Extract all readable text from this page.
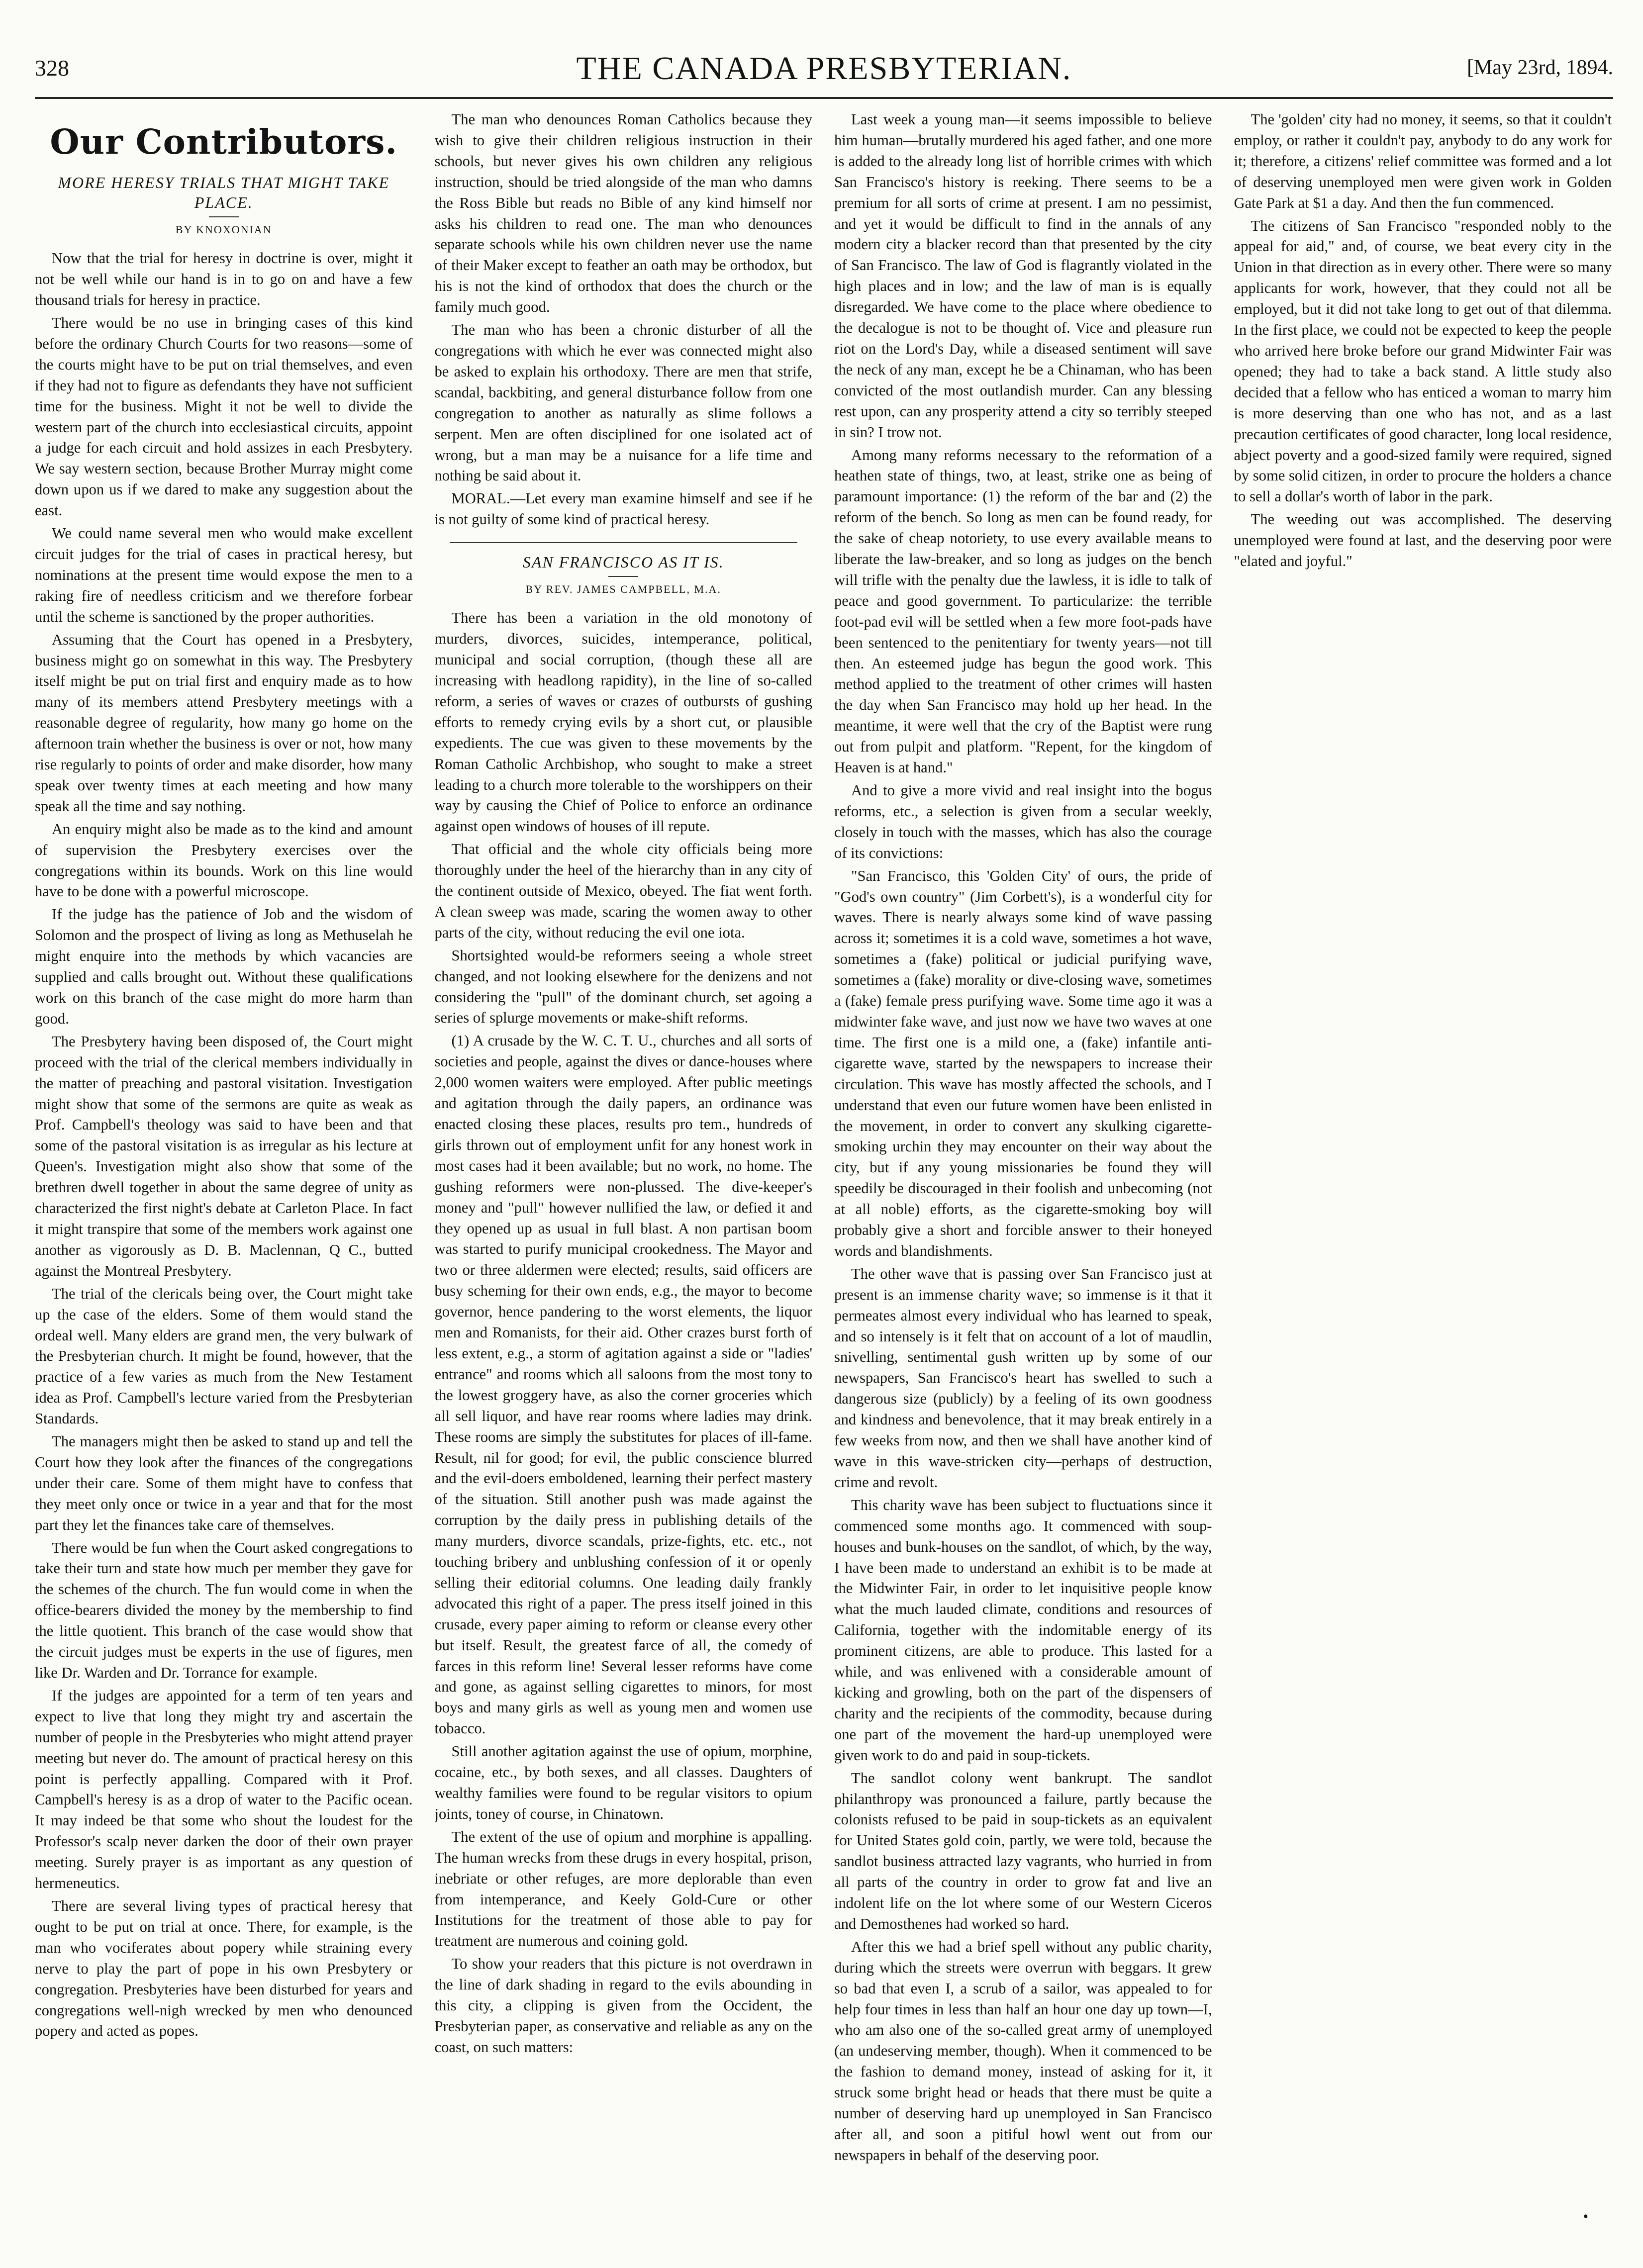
328	THE CANADA PRESBYTERIAN.	[May 23rd, 1894.
Our Contributors.
MORE HERESY TRIALS THAT MIGHT TAKE PLACE.
BY KNOXONIAN

Now that the trial for heresy in doctrine is over, might it not be well while our hand is in to go on and have a few thousand trials for heresy in practice.

There would be no use in bringing cases of this kind before the ordinary Church Courts for two reasons—some of the courts might have to be put on trial themselves, and even if they had not to figure as defendants they have not sufficient time for the business. Might it not be well to divide the western part of the church into ecclesiastical circuits, appoint a judge for each circuit and hold assizes in each Presbytery. We say western section, because Brother Murray might come down upon us if we dared to make any suggestion about the east.

We could name several men who would make excellent circuit judges for the trial of cases in practical heresy, but nominations at the present time would expose the men to a raking fire of needless criticism and we therefore forbear until the scheme is sanctioned by the proper authorities.

Assuming that the Court has opened in a Presbytery, business might go on somewhat in this way. The Presbytery itself might be put on trial first and enquiry made as to how many of its members attend Presbytery meetings with a reasonable degree of regularity, how many go home on the afternoon train whether the business is over or not, how many rise regularly to points of order and make disorder, how many speak over twenty times at each meeting and how many speak all the time and say nothing.

An enquiry might also be made as to the kind and amount of supervision the Presbytery exercises over the congregations within its bounds. Work on this line would have to be done with a powerful microscope.

If the judge has the patience of Job and the wisdom of Solomon and the prospect of living as long as Methuselah he might enquire into the methods by which vacancies are supplied and calls brought out. Without these qualifications work on this branch of the case might do more harm than good.

The Presbytery having been disposed of, the Court might proceed with the trial of the clerical members individually in the matter of preaching and pastoral visitation. Investigation might show that some of the sermons are quite as weak as Prof. Campbell's theology was said to have been and that some of the pastoral visitation is as irregular as his lecture at Queen's. Investigation might also show that some of the brethren dwell together in about the same degree of unity as characterized the first night's debate at Carleton Place. In fact it might transpire that some of the members work against one another as vigorously as D. B. Maclennan, Q C., butted against the Montreal Presbytery.

The trial of the clericals being over, the Court might take up the case of the elders. Some of them would stand the ordeal well. Many elders are grand men, the very bulwark of the Presbyterian church. It might be found, however, that the practice of a few varies as much from the New Testament idea as Prof. Campbell's lecture varied from the Presbyterian Standards.

The managers might then be asked to stand up and tell the Court how they look after the finances of the congregations under their care. Some of them might have to confess that they meet only once or twice in a year and that for the most part they let the finances take care of themselves.

There would be fun when the Court asked congregations to take their turn and state how much per member they gave for the schemes of the church. The fun would come in when the office-bearers divided the money by the membership to find the little quotient. This branch of the case would show that the circuit judges must be experts in the use of figures, men like Dr. Warden and Dr. Torrance for example.

If the judges are appointed for a term of ten years and expect to live that long they might try and ascertain the number of people in the Presbyteries who might attend prayer meeting but never do. The amount of practical heresy on this point is perfectly appalling. Compared with it Prof. Campbell's heresy is as a drop of water to the Pacific ocean. It may indeed be that some who shout the loudest for the Professor's scalp never darken the door of their own prayer meeting. Surely prayer is as important as any question of hermeneutics.

There are several living types of practical heresy that ought to be put on trial at once. There, for example, is the man who vociferates about popery while straining every nerve to play the part of pope in his own Presbytery or congregation. Presbyteries have been disturbed for years and congregations well-nigh wrecked by men who denounced popery and acted as popes.

The man who denounces Roman Catholics because they wish to give their children religious instruction in their schools, but never gives his own children any religious instruction, should be tried alongside of the man who damns the Ross Bible but reads no Bible of any kind himself nor asks his children to read one. The man who denounces separate schools while his own children never use the name of their Maker except to feather an oath may be orthodox, but his is not the kind of orthodox that does the church or the family much good.

The man who has been a chronic disturber of all the congregations with which he ever was connected might also be asked to explain his orthodoxy. There are men that strife, scandal, backbiting, and general disturbance follow from one congregation to another as naturally as slime follows a serpent. Men are often disciplined for one isolated act of wrong, but a man may be a nuisance for a life time and nothing be said about it.

MORAL.—Let every man examine himself and see if he is not guilty of some kind of practical heresy.

SAN FRANCISCO AS IT IS.
BY REV. JAMES CAMPBELL, M.A.

There has been a variation in the old monotony of murders, divorces, suicides, intemperance, political, municipal and social corruption, (though these all are increasing with headlong rapidity), in the line of so-called reform, a series of waves or crazes of outbursts of gushing efforts to remedy crying evils by a short cut, or plausible expedients. The cue was given to these movements by the Roman Catholic Archbishop, who sought to make a street leading to a church more tolerable to the worshippers on their way by causing the Chief of Police to enforce an ordinance against open windows of houses of ill repute.

That official and the whole city officials being more thoroughly under the heel of the hierarchy than in any city of the continent outside of Mexico, obeyed. The fiat went forth. A clean sweep was made, scaring the women away to other parts of the city, without reducing the evil one iota.

Shortsighted would-be reformers seeing a whole street changed, and not looking elsewhere for the denizens and not considering the "pull" of the dominant church, set agoing a series of splurge movements or make-shift reforms.

(1) A crusade by the W. C. T. U., churches and all sorts of societies and people, against the dives or dance-houses where 2,000 women waiters were employed. After public meetings and agitation through the daily papers, an ordinance was enacted closing these places, results pro tem., hundreds of girls thrown out of employment unfit for any honest work in most cases had it been available; but no work, no home. The gushing reformers were non-plussed. The dive-keeper's money and "pull" however nullified the law, or defied it and they opened up as usual in full blast. A non partisan boom was started to purify municipal crookedness. The Mayor and two or three aldermen were elected; results, said officers are busy scheming for their own ends, e.g., the mayor to become governor, hence pandering to the worst elements, the liquor men and Romanists, for their aid. Other crazes burst forth of less extent, e.g., a storm of agitation against a side or "ladies' entrance" and rooms which all saloons from the most tony to the lowest groggery have, as also the corner groceries which all sell liquor, and have rear rooms where ladies may drink. These rooms are simply the substitutes for places of ill-fame. Result, nil for good; for evil, the public conscience blurred and the evil-doers emboldened, learning their perfect mastery of the situation. Still another push was made against the corruption by the daily press in publishing details of the many murders, divorce scandals, prize-fights, etc. etc., not touching bribery and unblushing confession of it or openly selling their editorial columns. One leading daily frankly advocated this right of a paper. The press itself joined in this crusade, every paper aiming to reform or cleanse every other but itself. Result, the greatest farce of all, the comedy of farces in this reform line! Several lesser reforms have come and gone, as against selling cigarettes to minors, for most boys and many girls as well as young men and women use tobacco.

Still another agitation against the use of opium, morphine, cocaine, etc., by both sexes, and all classes. Daughters of wealthy families were found to be regular visitors to opium joints, toney of course, in Chinatown.

The extent of the use of opium and morphine is appalling. The human wrecks from these drugs in every hospital, prison, inebriate or other refuges, are more deplorable than even from intemperance, and Keely Gold-Cure or other Institutions for the treatment of those able to pay for treatment are numerous and coining gold.

To show your readers that this picture is not overdrawn in the line of dark shading in regard to the evils abounding in this city, a clipping is given from the Occident, the Presbyterian paper, as conservative and reliable as any on the coast, on such matters:

Last week a young man—it seems impossible to believe him human—brutally murdered his aged father, and one more is added to the already long list of horrible crimes with which San Francisco's history is reeking. There seems to be a premium for all sorts of crime at present. I am no pessimist, and yet it would be difficult to find in the annals of any modern city a blacker record than that presented by the city of San Francisco. The law of God is flagrantly violated in the high places and in low; and the law of man is is equally disregarded. We have come to the place where obedience to the decalogue is not to be thought of. Vice and pleasure run riot on the Lord's Day, while a diseased sentiment will save the neck of any man, except he be a Chinaman, who has been convicted of the most outlandish murder. Can any blessing rest upon, can any prosperity attend a city so terribly steeped in sin? I trow not.

Among many reforms necessary to the reformation of a heathen state of things, two, at least, strike one as being of paramount importance: (1) the reform of the bar and (2) the reform of the bench. So long as men can be found ready, for the sake of cheap notoriety, to use every available means to liberate the law-breaker, and so long as judges on the bench will trifle with the penalty due the lawless, it is idle to talk of peace and good government. To particularize: the terrible foot-pad evil will be settled when a few more foot-pads have been sentenced to the penitentiary for twenty years—not till then. An esteemed judge has begun the good work. This method applied to the treatment of other crimes will hasten the day when San Francisco may hold up her head. In the meantime, it were well that the cry of the Baptist were rung out from pulpit and platform. "Repent, for the kingdom of Heaven is at hand."

And to give a more vivid and real insight into the bogus reforms, etc., a selection is given from a secular weekly, closely in touch with the masses, which has also the courage of its convictions:

"San Francisco, this 'Golden City' of ours, the pride of "God's own country" (Jim Corbett's), is a wonderful city for waves. There is nearly always some kind of wave passing across it; sometimes it is a cold wave, sometimes a hot wave, sometimes a (fake) political or judicial purifying wave, sometimes a (fake) morality or dive-closing wave, sometimes a (fake) female press purifying wave. Some time ago it was a midwinter fake wave, and just now we have two waves at one time. The first one is a mild one, a (fake) infantile anti-cigarette wave, started by the newspapers to increase their circulation. This wave has mostly affected the schools, and I understand that even our future women have been enlisted in the movement, in order to convert any skulking cigarette-smoking urchin they may encounter on their way about the city, but if any young missionaries be found they will speedily be discouraged in their foolish and unbecoming (not at all noble) efforts, as the cigarette-smoking boy will probably give a short and forcible answer to their honeyed words and blandishments.

The other wave that is passing over San Francisco just at present is an immense charity wave; so immense is it that it permeates almost every individual who has learned to speak, and so intensely is it felt that on account of a lot of maudlin, snivelling, sentimental gush written up by some of our newspapers, San Francisco's heart has swelled to such a dangerous size (publicly) by a feeling of its own goodness and kindness and benevolence, that it may break entirely in a few weeks from now, and then we shall have another kind of wave in this wave-stricken city—perhaps of destruction, crime and revolt.

This charity wave has been subject to fluctuations since it commenced some months ago. It commenced with soup-houses and bunk-houses on the sandlot, of which, by the way, I have been made to understand an exhibit is to be made at the Midwinter Fair, in order to let inquisitive people know what the much lauded climate, conditions and resources of California, together with the indomitable energy of its prominent citizens, are able to produce. This lasted for a while, and was enlivened with a considerable amount of kicking and growling, both on the part of the dispensers of charity and the recipients of the commodity, because during one part of the movement the hard-up unemployed were given work to do and paid in soup-tickets.

The sandlot colony went bankrupt. The sandlot philanthropy was pronounced a failure, partly because the colonists refused to be paid in soup-tickets as an equivalent for United States gold coin, partly, we were told, because the sandlot business attracted lazy vagrants, who hurried in from all parts of the country in order to grow fat and live an indolent life on the lot where some of our Western Ciceros and Demosthenes had worked so hard.

After this we had a brief spell without any public charity, during which the streets were overrun with beggars. It grew so bad that even I, a scrub of a sailor, was appealed to for help four times in less than half an hour one day up town—I, who am also one of the so-called great army of unemployed (an undeserving member, though). When it commenced to be the fashion to demand money, instead of asking for it, it struck some bright head or heads that there must be quite a number of deserving hard up unemployed in San Francisco after all, and soon a pitiful howl went out from our newspapers in behalf of the deserving poor.

The 'golden' city had no money, it seems, so that it couldn't employ, or rather it couldn't pay, anybody to do any work for it; therefore, a citizens' relief committee was formed and a lot of deserving unemployed men were given work in Golden Gate Park at $1 a day. And then the fun commenced.

The citizens of San Francisco "responded nobly to the appeal for aid," and, of course, we beat every city in the Union in that direction as in every other. There were so many applicants for work, however, that they could not all be employed, but it did not take long to get out of that dilemma. In the first place, we could not be expected to keep the people who arrived here broke before our grand Midwinter Fair was opened; they had to take a back stand. A little study also decided that a fellow who has enticed a woman to marry him is more deserving than one who has not, and as a last precaution certificates of good character, long local residence, abject poverty and a good-sized family were required, signed by some solid citizen, in order to procure the holders a chance to sell a dollar's worth of labor in the park.

The weeding out was accomplished. The deserving unemployed were found at last, and the deserving poor were "elated and joyful."

•
